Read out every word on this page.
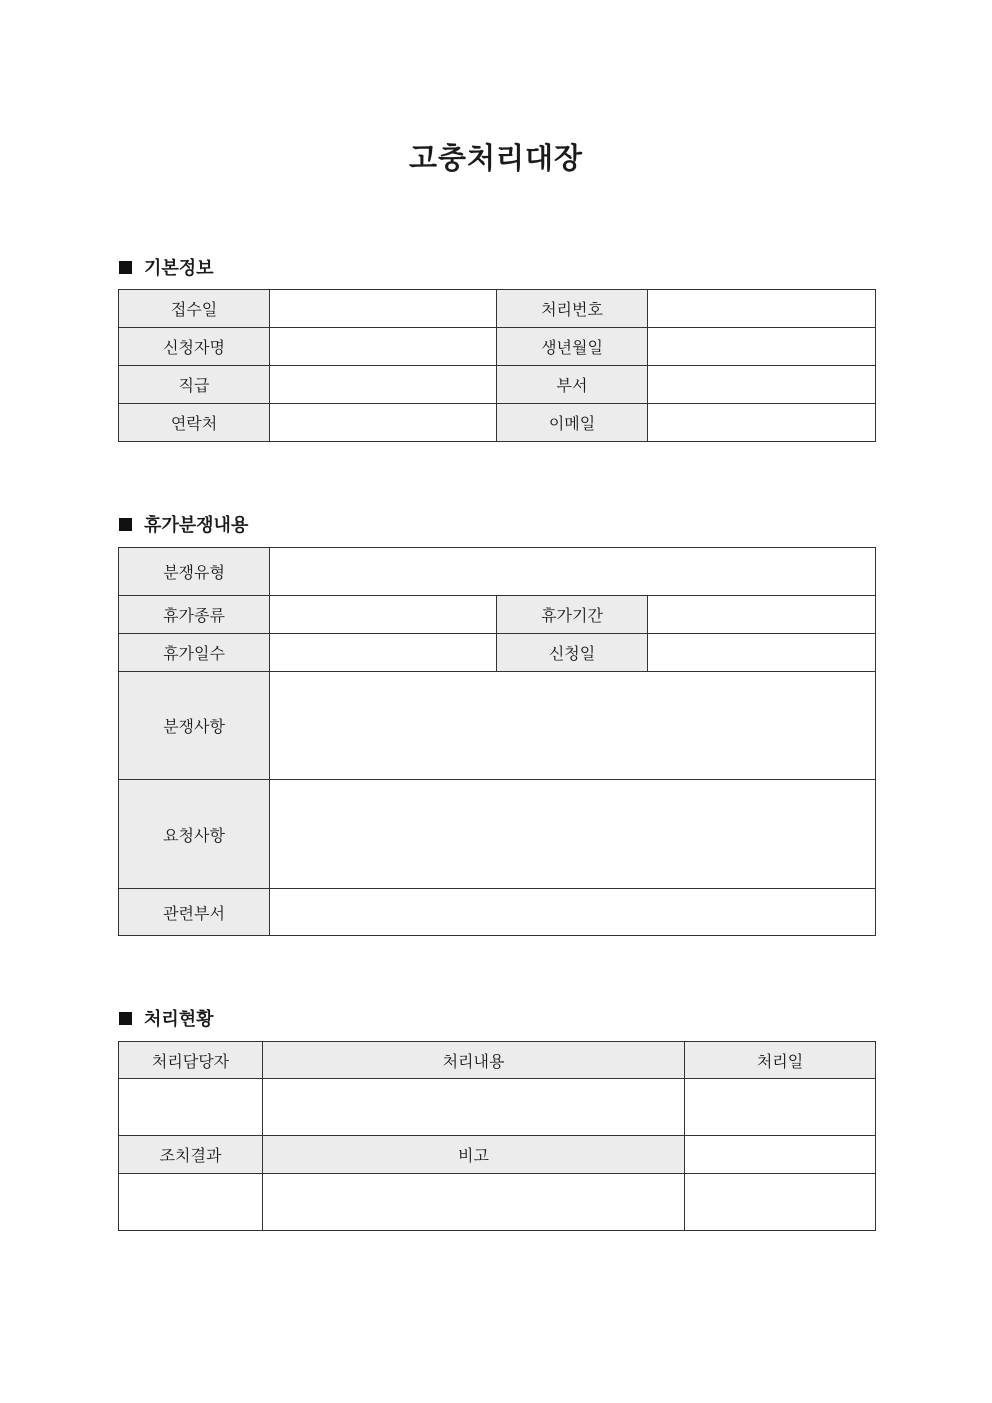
고충처리대장
기본정보
접수일		처리번호	
신청자명		생년월일	
직급		부서	
연락처		이메일	
휴가분쟁내용
분쟁유형			
휴가종류		휴가기간	
휴가일수		신청일	
분쟁사항			
요청사항			
관련부서			
처리현황
처리담당자	처리내용	처리일

조치결과	비고	
